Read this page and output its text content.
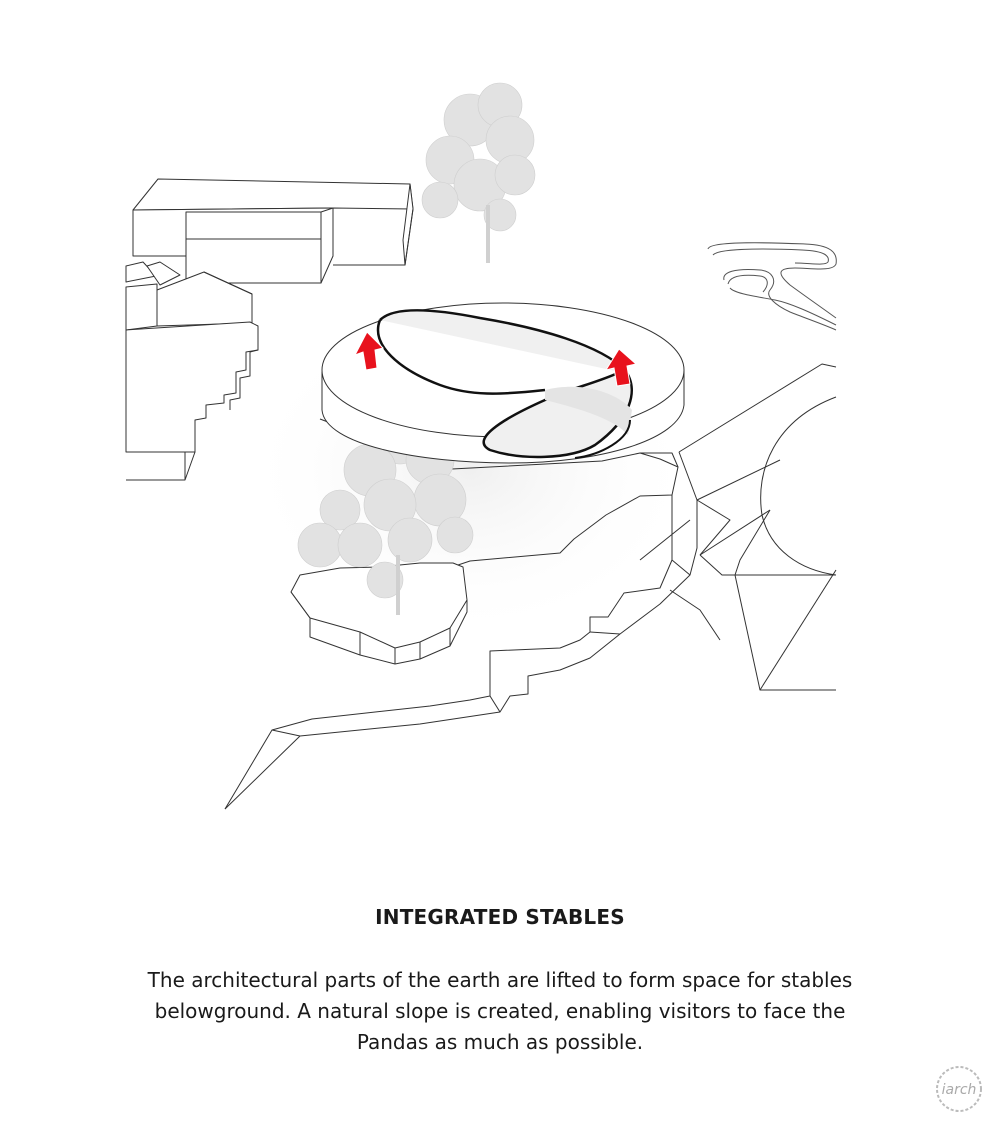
INTEGRATED STABLES
The architectural parts of the earth are lifted to form space for stables
belowground. A natural slope is created, enabling visitors to face the
Pandas as much as possible.
iarch
